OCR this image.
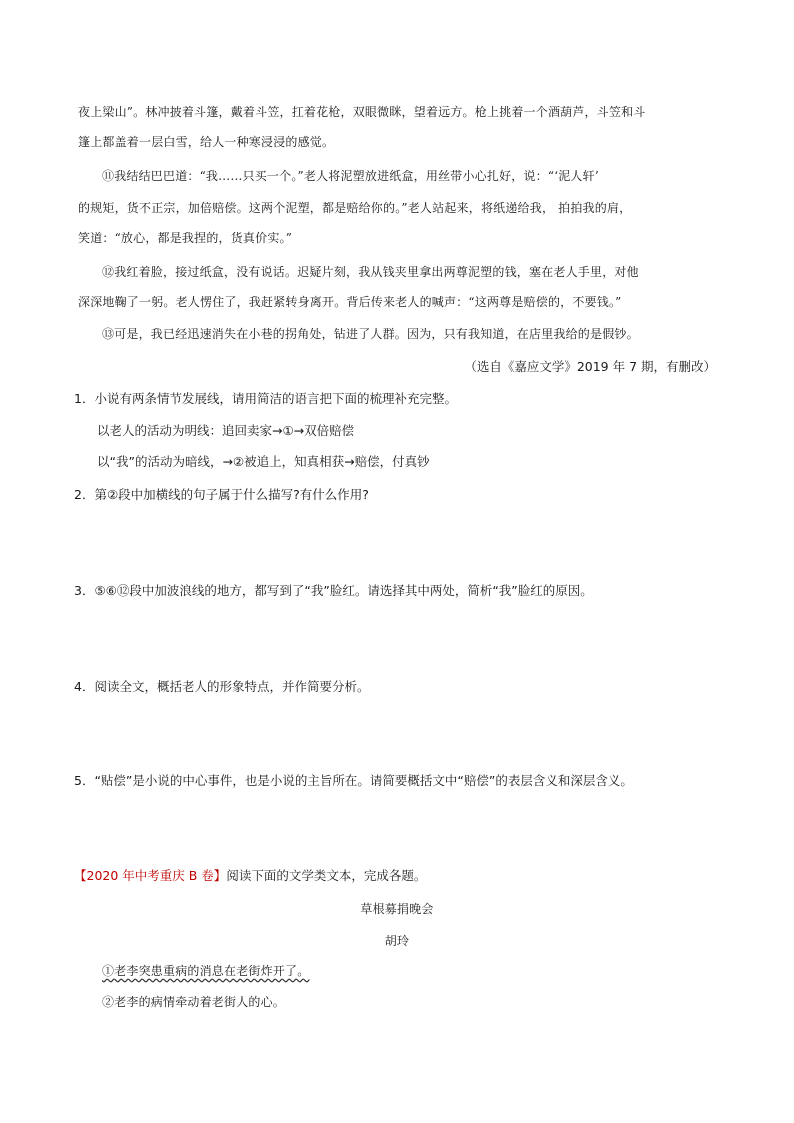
夜上梁山”。林冲披着斗篷，戴着斗笠，扛着花枪，双眼微眯，望着远方。枪上挑着一个酒葫芦，斗笠和斗
篷上都盖着一层白雪，给人一种寒浸浸的感觉。
⑪我结结巴巴道：“我……只买一个。”老人将泥塑放进纸盒，用丝带小心扎好，说：“‘泥人轩’
的规矩，货不正宗，加倍赔偿。这两个泥塑，都是赔给你的。”老人站起来，将纸递给我， 拍拍我的肩，
笑道：“放心，都是我捏的，货真价实。”
⑫我红着脸，接过纸盒，没有说话。迟疑片刻，我从钱夹里拿出两尊泥塑的钱，塞在老人手里，对他
深深地鞠了一躬。老人愣住了，我赶紧转身离开。背后传来老人的喊声：“这两尊是赔偿的，不要钱。”
⑬可是，我已经迅速消失在小巷的拐角处，钻进了人群。因为，只有我知道，在店里我给的是假钞。
（选自《嘉应文学》2019 年 7 期，有删改）
1．小说有两条情节发展线，请用简洁的语言把下面的梳理补充完整。
以老人的活动为明线：追回卖家→①→双倍赔偿
以“我”的活动为暗线，→②被追上，知真相获→赔偿，付真钞
2．第②段中加横线的句子属于什么描写?有什么作用?
3．⑤⑥⑫段中加波浪线的地方，都写到了“我”脸红。请选择其中两处，简析“我”脸红的原因。
4．阅读全文，概括老人的形象特点，并作简要分析。
5．“贴偿”是小说的中心事件，也是小说的主旨所在。请简要概括文中“赔偿”的表层含义和深层含义。
【2020 年中考重庆 B 卷】阅读下面的文学类文本，完成各题。
草根募捐晚会
胡玲
①老李突患重病的消息在老街炸开了。
②老李的病情牵动着老街人的心。
